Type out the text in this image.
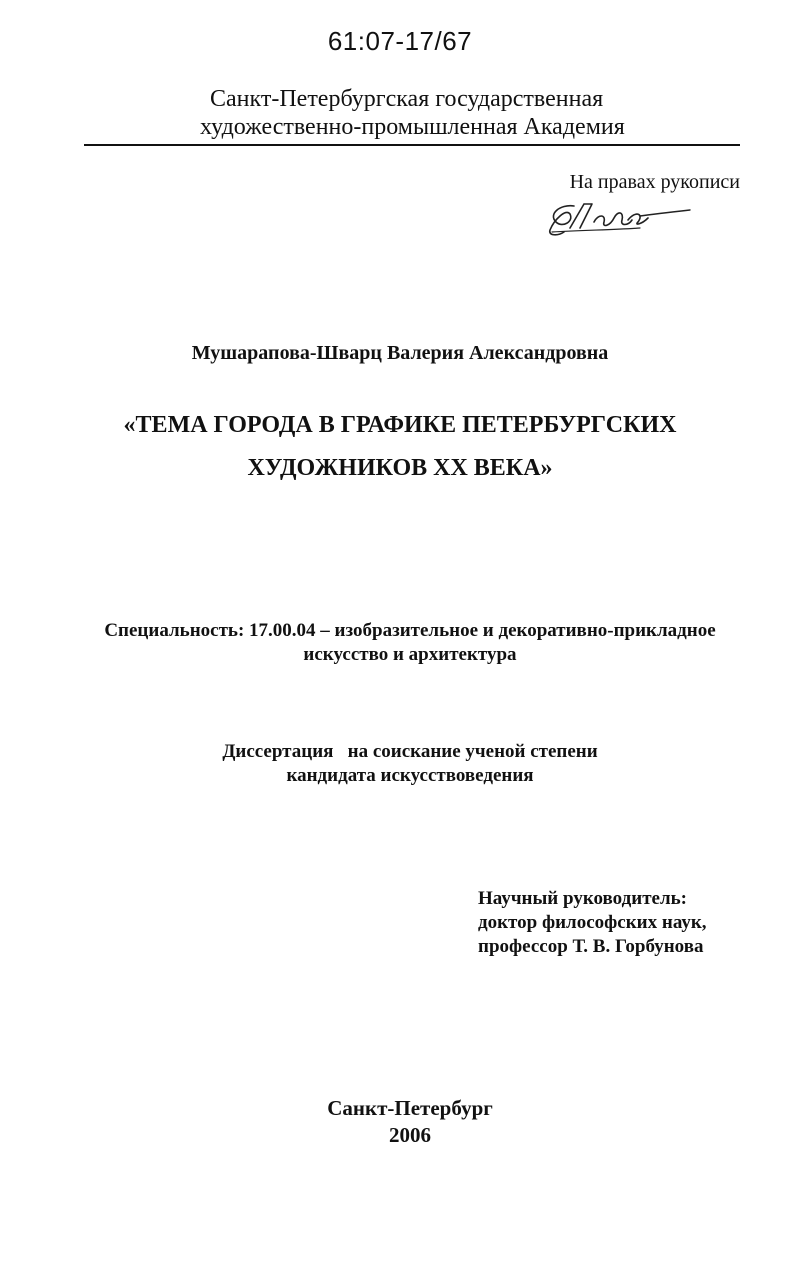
61:07-17/67
Санкт-Петербургская государственная
художественно-промышленная Академия
На правах рукописи
Мушарапова-Шварц Валерия Александровна
«ТЕМА ГОРОДА В ГРАФИКЕ ПЕТЕРБУРГСКИХ
ХУДОЖНИКОВ XX ВЕКА»
Специальность: 17.00.04 – изобразительное и декоративно-прикладное
искусство и архитектура
Диссертация   на соискание ученой степени
кандидата искусствоведения
Научный руководитель:
доктор философских наук,
профессор Т. В. Горбунова
Санкт-Петербург
2006
